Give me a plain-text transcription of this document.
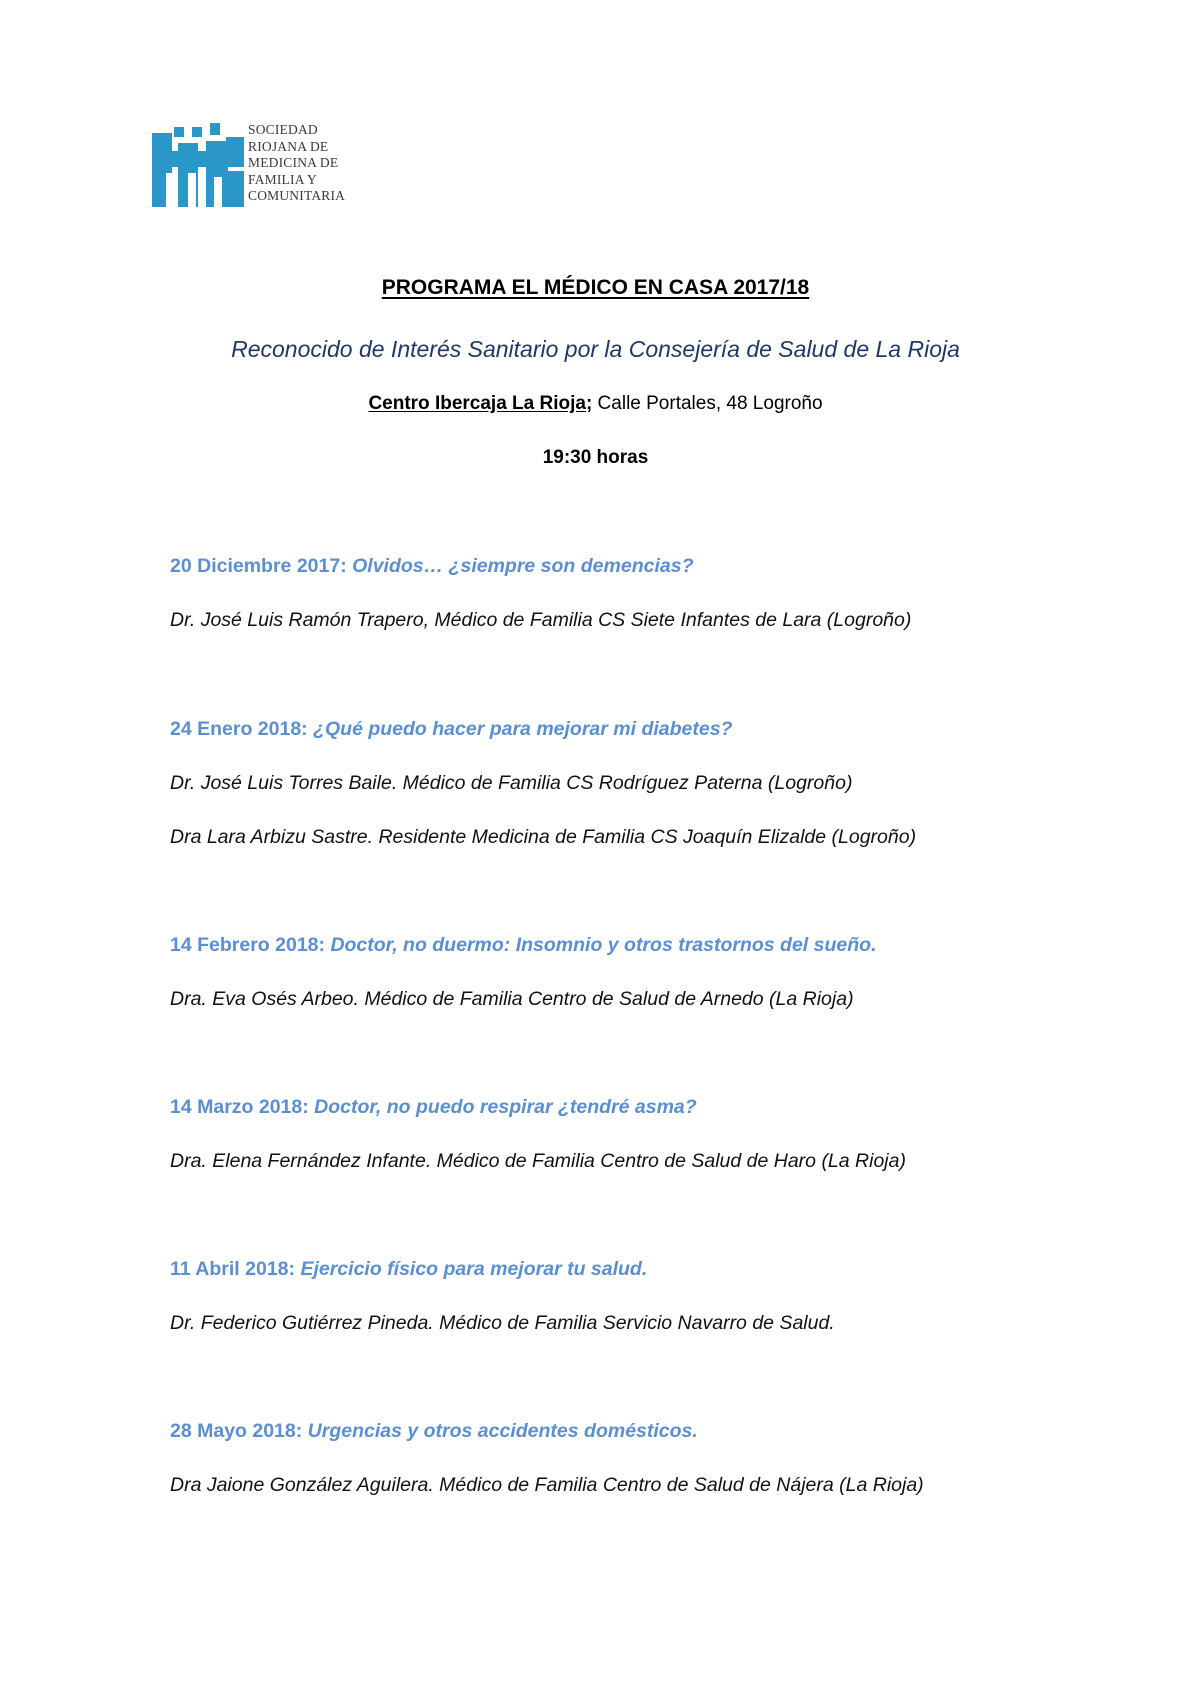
SOCIEDAD
RIOJANA DE
MEDICINA DE
FAMILIA Y
COMUNITARIA
PROGRAMA EL MÉDICO EN CASA 2017/18
Reconocido de Interés Sanitario por la Consejería de Salud de La Rioja
Centro Ibercaja La Rioja; Calle Portales, 48 Logroño
19:30 horas
20 Diciembre 2017: Olvidos… ¿siempre son demencias?
Dr. José Luis Ramón Trapero, Médico de Familia CS Siete Infantes de Lara (Logroño)
24 Enero 2018: ¿Qué puedo hacer para mejorar mi diabetes?
Dr. José Luis Torres Baile. Médico de Familia CS Rodríguez Paterna (Logroño)
Dra Lara Arbizu Sastre. Residente Medicina de Familia CS Joaquín Elizalde (Logroño)
14 Febrero 2018: Doctor, no duermo: Insomnio y otros trastornos del sueño.
Dra. Eva Osés Arbeo. Médico de Familia Centro de Salud de Arnedo (La Rioja)
14 Marzo 2018: Doctor, no puedo respirar ¿tendré asma?
Dra. Elena Fernández Infante. Médico de Familia Centro de Salud de Haro (La Rioja)
11 Abril 2018: Ejercicio físico para mejorar tu salud.
Dr. Federico Gutiérrez Pineda. Médico de Familia Servicio Navarro de Salud.
28 Mayo 2018: Urgencias y otros accidentes domésticos.
Dra Jaione González Aguilera. Médico de Familia Centro de Salud de Nájera (La Rioja)
